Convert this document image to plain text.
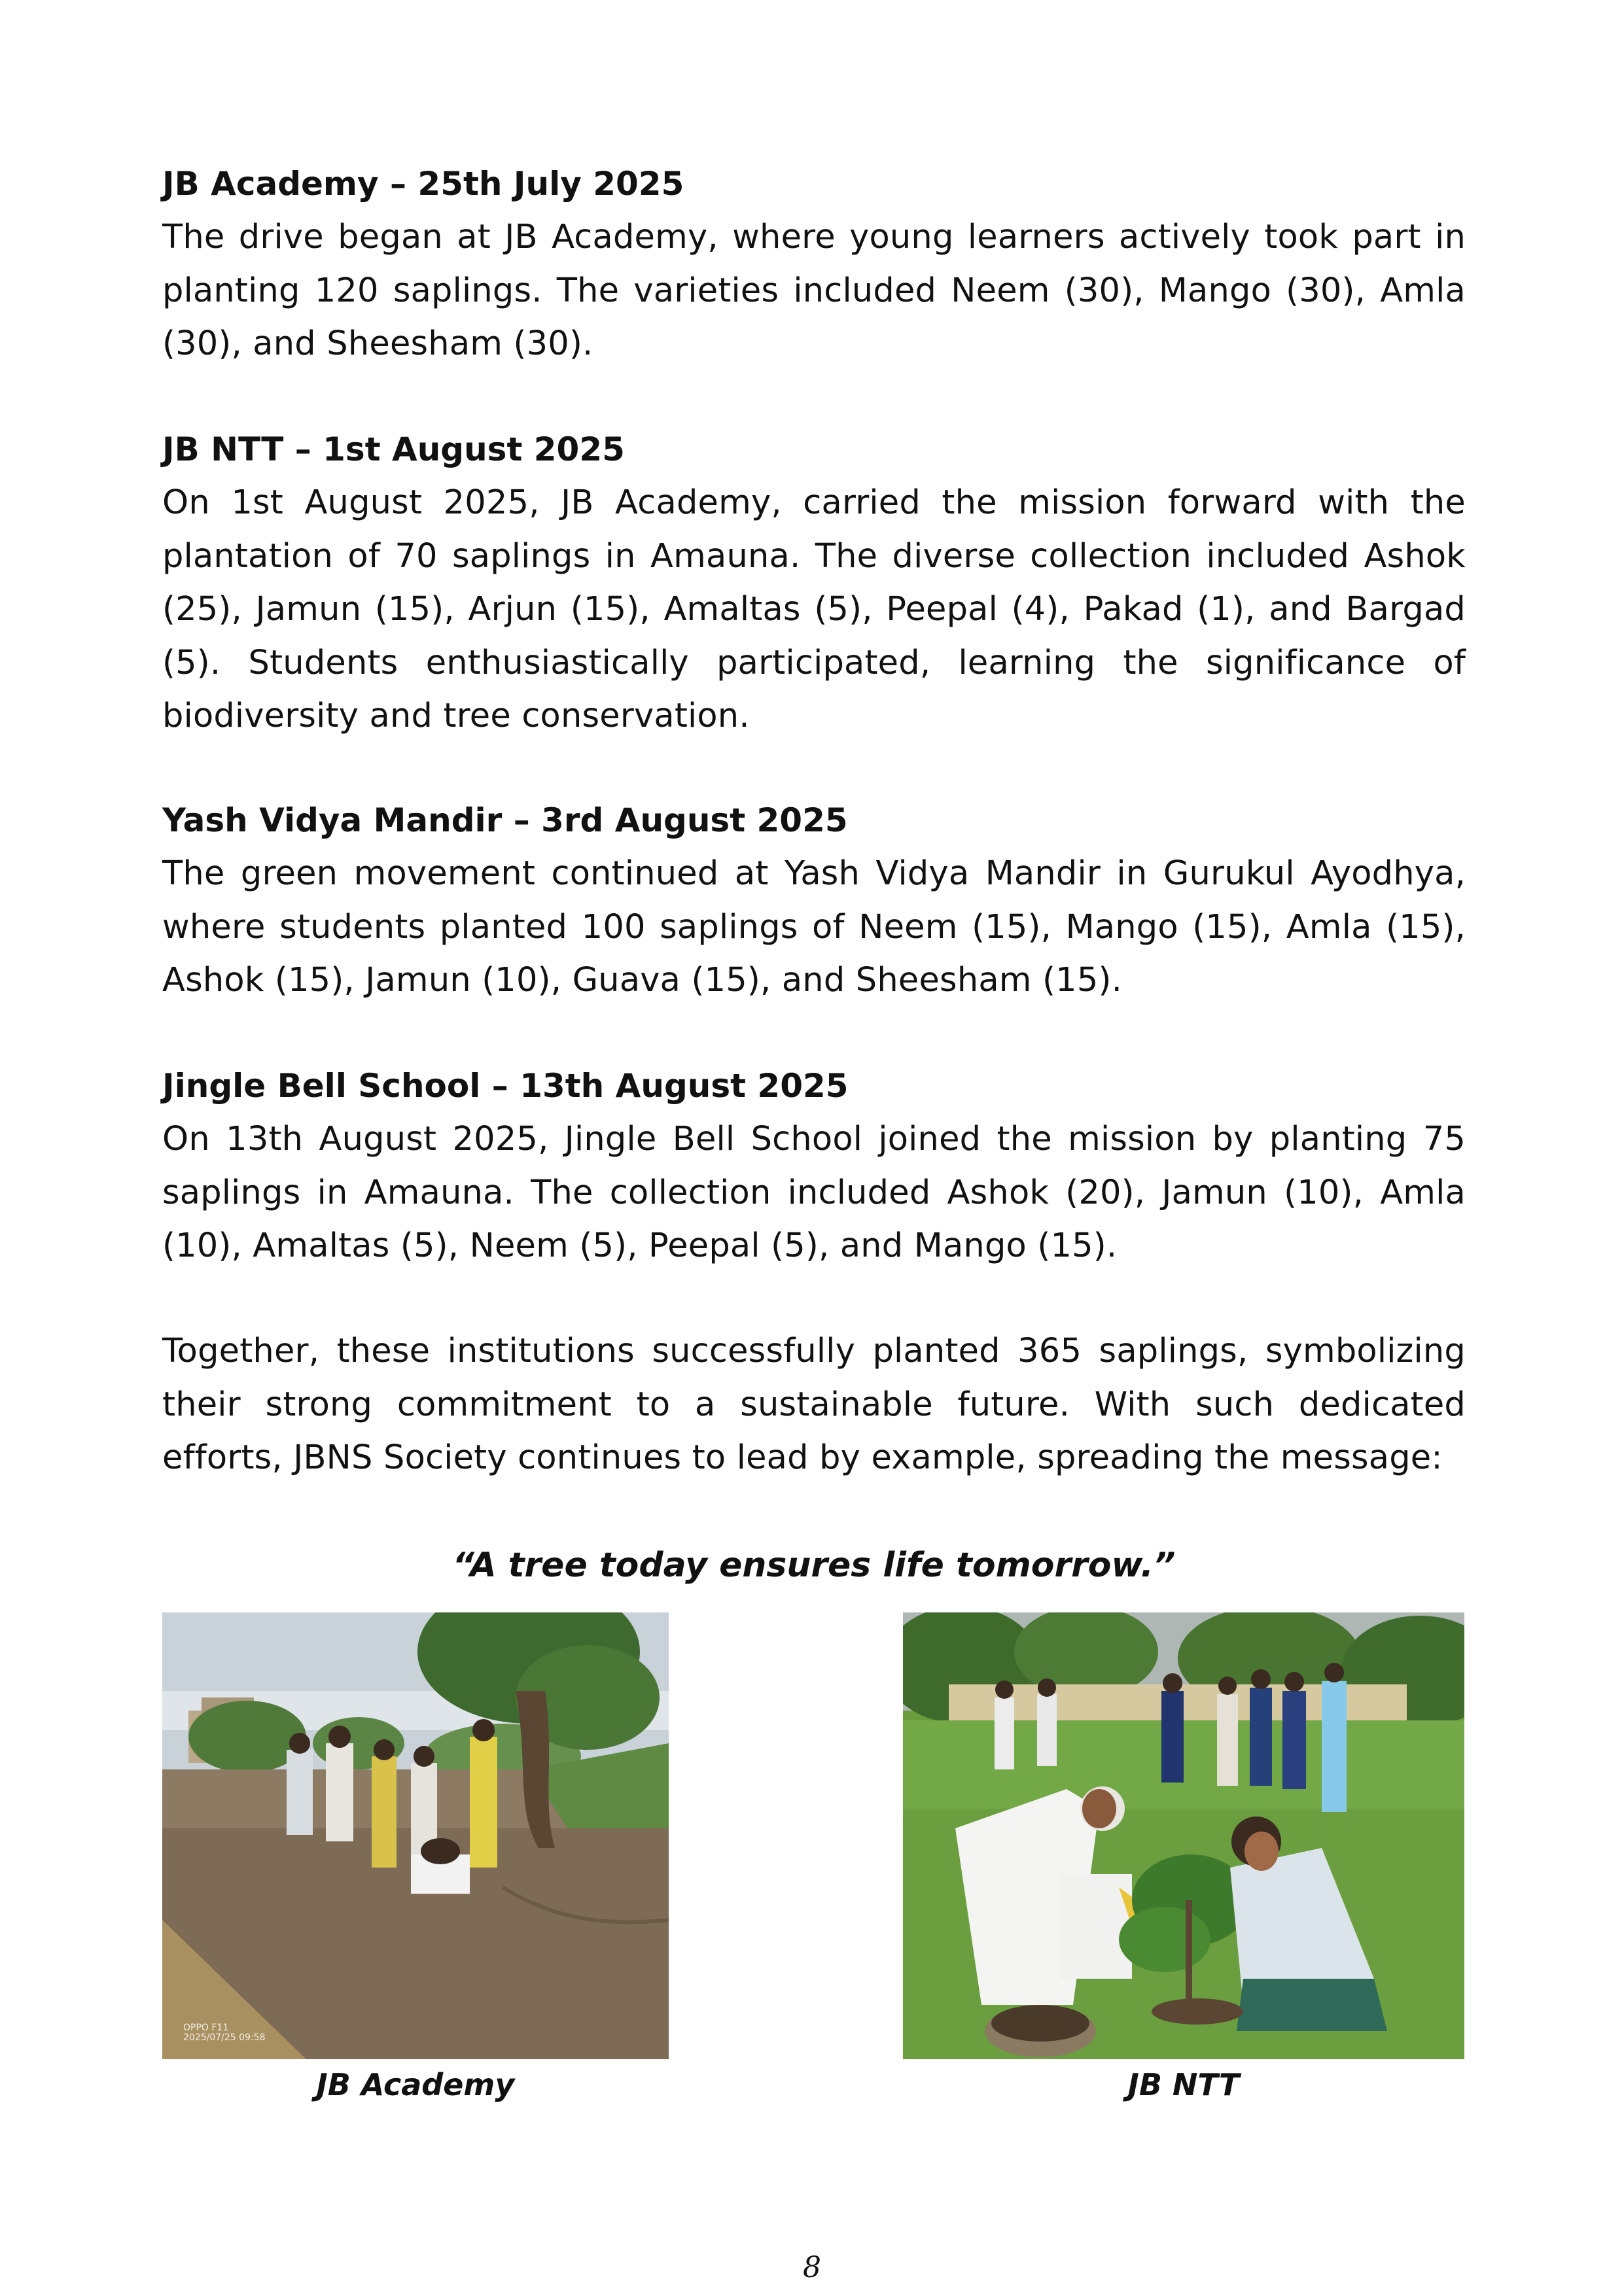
JB Academy – 25th July 2025

The drive began at JB Academy, where young learners actively took part in planting 120 saplings. The varieties included Neem (30), Mango (30), Amla (30), and Sheesham (30).

JB NTT – 1st August 2025

On 1st August 2025, JB Academy, carried the mission forward with the plantation of 70 saplings in Amauna. The diverse collection included Ashok (25), Jamun (15), Arjun (15), Amaltas (5), Peepal (4), Pakad (1), and Bargad (5). Students enthusiastically participated, learning the significance of biodiversity and tree conservation.

Yash Vidya Mandir – 3rd August 2025

The green movement continued at Yash Vidya Mandir in Gurukul Ayodhya, where students planted 100 saplings of Neem (15), Mango (15), Amla (15), Ashok (15), Jamun (10), Guava (15), and Sheesham (15).

Jingle Bell School – 13th August 2025

On 13th August 2025, Jingle Bell School joined the mission by planting 75 saplings in Amauna. The collection included Ashok (20), Jamun (10), Amla (10), Amaltas (5), Neem (5), Peepal (5), and Mango (15).

Together, these institutions successfully planted 365 saplings, symbolizing their strong commitment to a sustainable future. With such dedicated efforts, JBNS Society continues to lead by example, spreading the message:

“A tree today ensures life tomorrow.”
OPPO F11
2025/07/25 09:58
JB Academy	JB NTT
8
